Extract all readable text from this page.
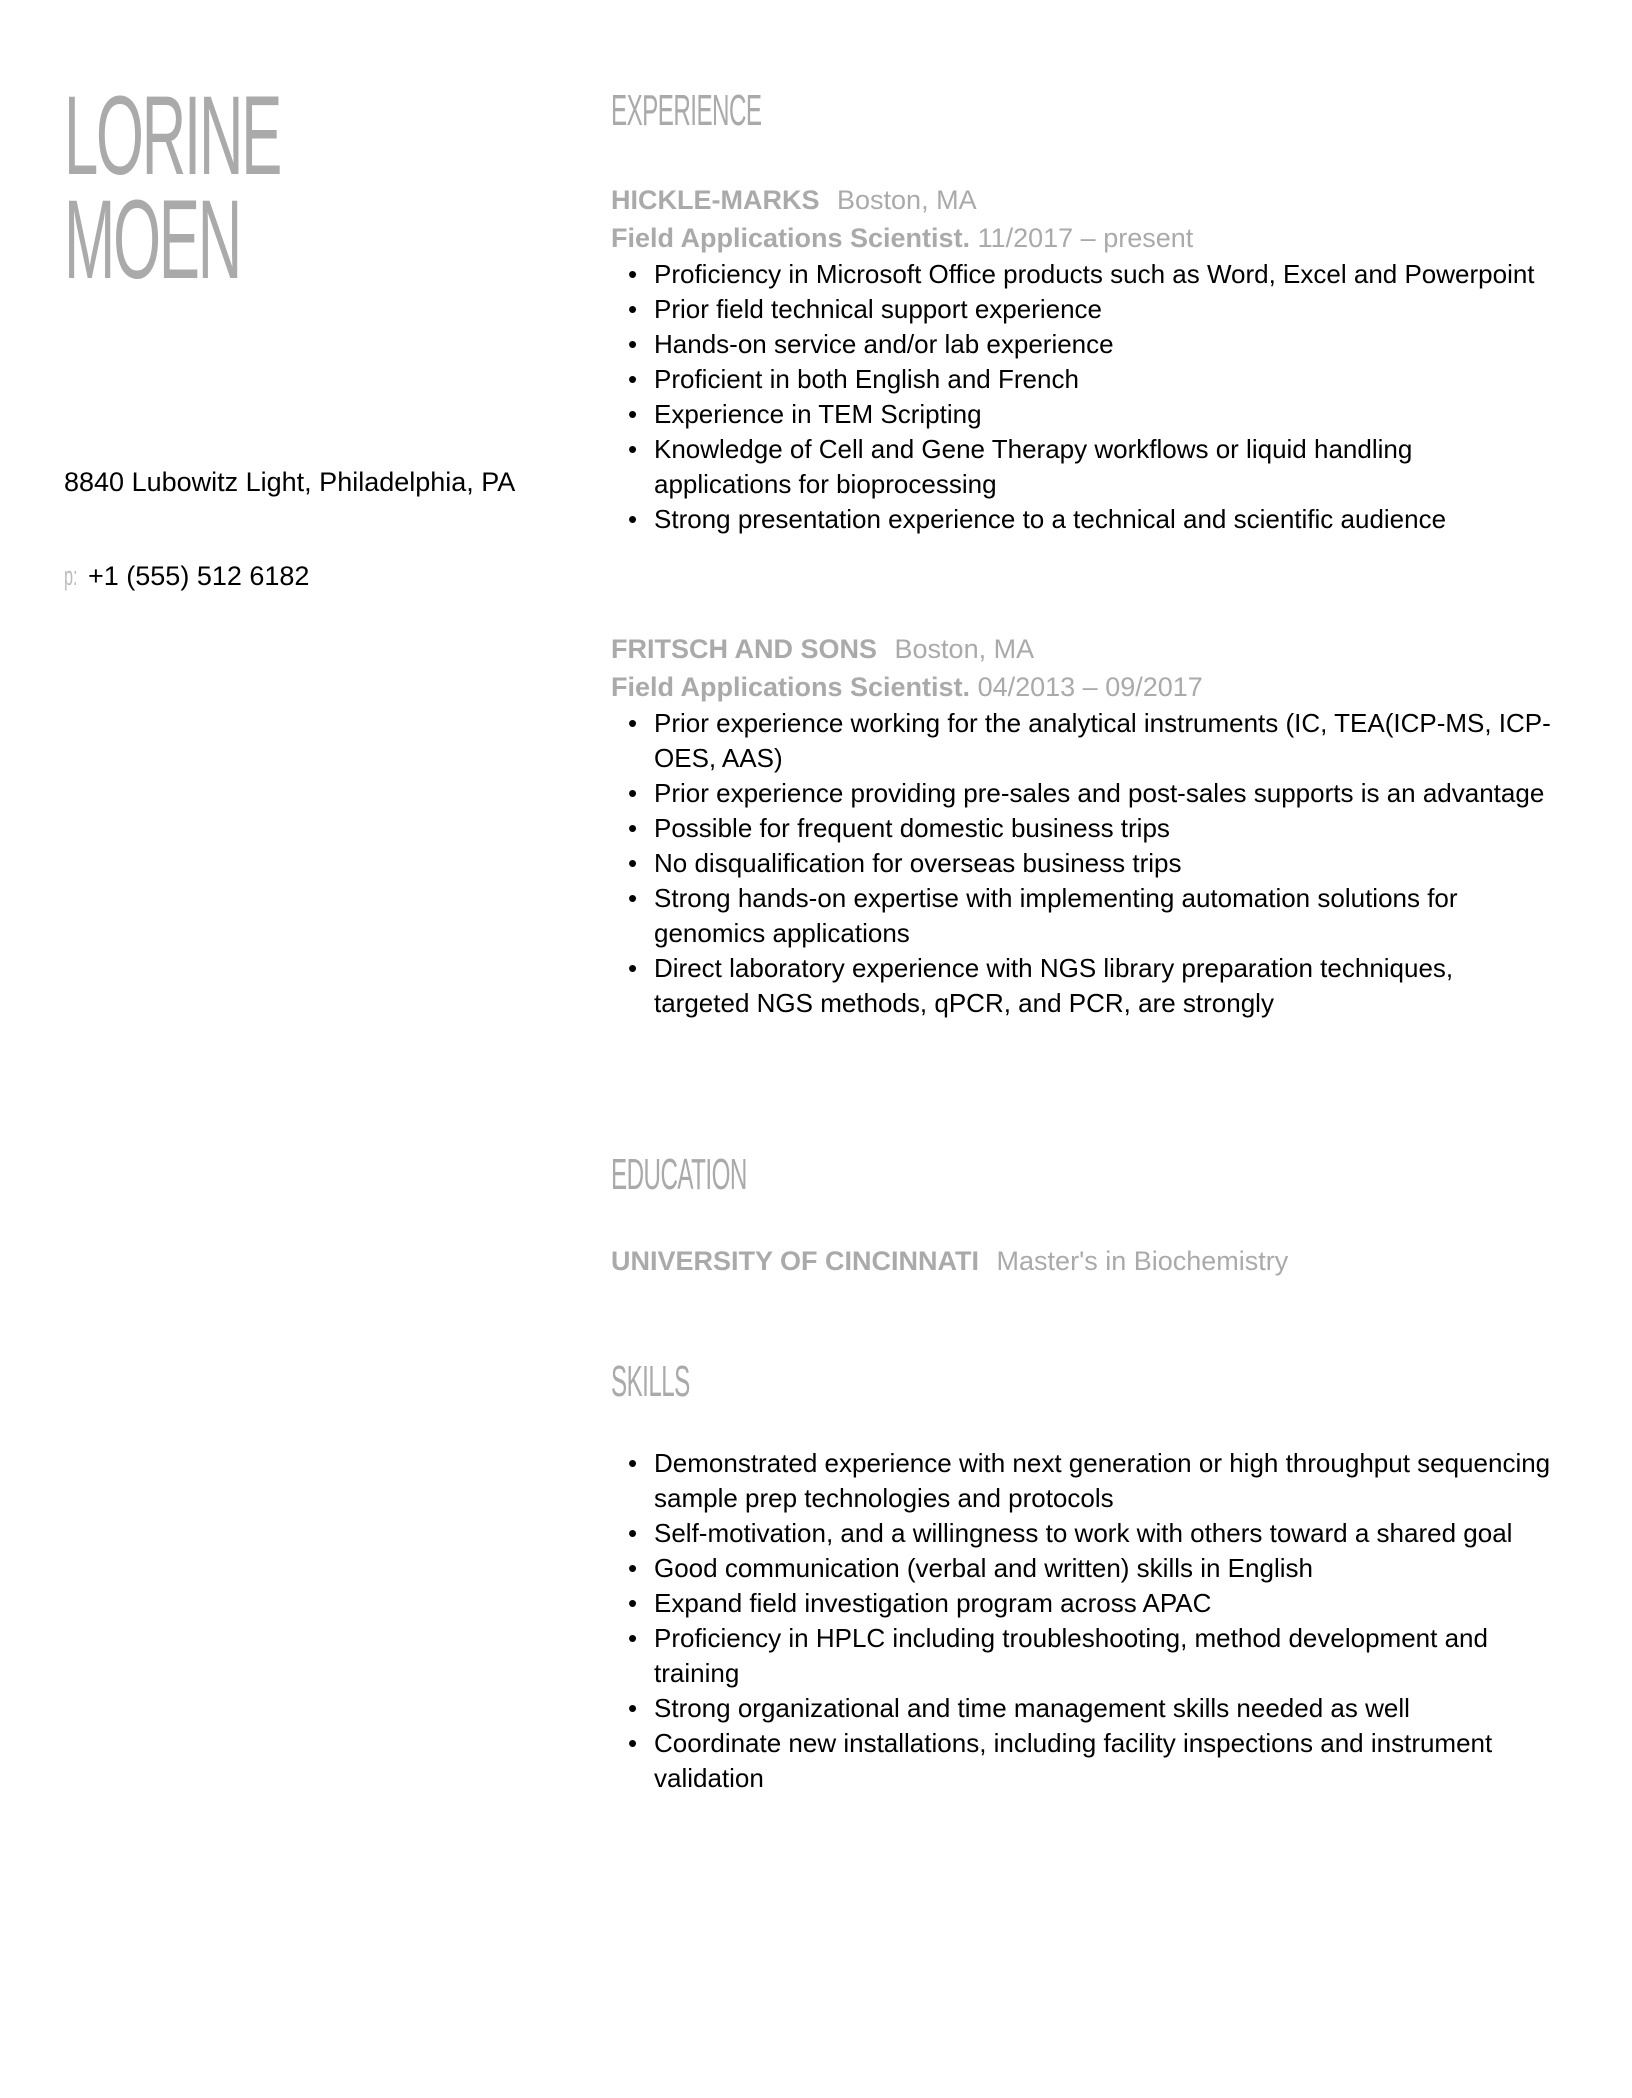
LORINE
MOEN
8840 Lubowitz Light, Philadelphia, PA
p: +1 (555) 512 6182
EXPERIENCE
HICKLE-MARKS Boston, MA
Field Applications Scientist. 11/2017 – present
• Proficiency in Microsoft Office products such as Word, Excel and Powerpoint
• Prior field technical support experience
• Hands-on service and/or lab experience
• Proficient in both English and French
• Experience in TEM Scripting
• Knowledge of Cell and Gene Therapy workflows or liquid handling applications for bioprocessing
• Strong presentation experience to a technical and scientific audience
FRITSCH AND SONS Boston, MA
Field Applications Scientist. 04/2013 – 09/2017
• Prior experience working for the analytical instruments (IC, TEA(ICP-MS, ICP-OES, AAS)
• Prior experience providing pre-sales and post-sales supports is an advantage
• Possible for frequent domestic business trips
• No disqualification for overseas business trips
• Strong hands-on expertise with implementing automation solutions for genomics applications
• Direct laboratory experience with NGS library preparation techniques, targeted NGS methods, qPCR, and PCR, are strongly
EDUCATION
UNIVERSITY OF CINCINNATI Master's in Biochemistry
SKILLS
• Demonstrated experience with next generation or high throughput sequencing sample prep technologies and protocols
• Self-motivation, and a willingness to work with others toward a shared goal
• Good communication (verbal and written) skills in English
• Expand field investigation program across APAC
• Proficiency in HPLC including troubleshooting, method development and training
• Strong organizational and time management skills needed as well
• Coordinate new installations, including facility inspections and instrument validation
